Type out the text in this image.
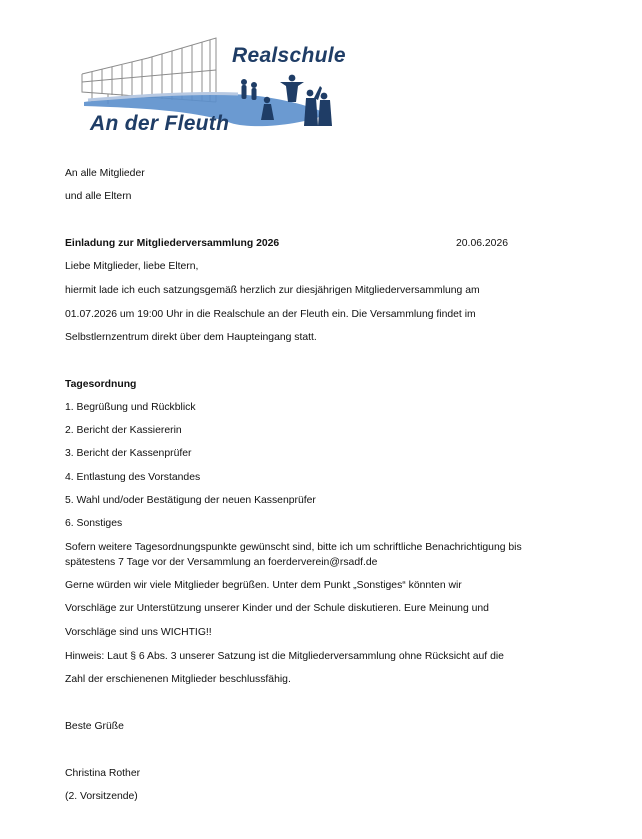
Realschule
An der Fleuth
An alle Mitglieder
und alle Eltern
Einladung zur Mitgliederversammlung 2026	20.06.2026
Liebe Mitglieder, liebe Eltern,
hiermit lade ich euch satzungsgemäß herzlich zur diesjährigen Mitgliederversammlung am
01.07.2026 um 19:00 Uhr in die Realschule an der Fleuth ein. Die Versammlung findet im
Selbstlernzentrum direkt über dem Haupteingang statt.
Tagesordnung
1. Begrüßung und Rückblick
2. Bericht der Kassiererin
3. Bericht der Kassenprüfer
4. Entlastung des Vorstandes
5. Wahl und/oder Bestätigung der neuen Kassenprüfer
6. Sonstiges
Sofern weitere Tagesordnungspunkte gewünscht sind, bitte ich um schriftliche Benachrichtigung bis
spätestens 7 Tage vor der Versammlung an foerderverein@rsadf.de
Gerne würden wir viele Mitglieder begrüßen. Unter dem Punkt „Sonstiges“ könnten wir
Vorschläge zur Unterstützung unserer Kinder und der Schule diskutieren. Eure Meinung und
Vorschläge sind uns WICHTIG!!
Hinweis: Laut § 6 Abs. 3 unserer Satzung ist die Mitgliederversammlung ohne Rücksicht auf die
Zahl der erschienenen Mitglieder beschlussfähig.
Beste Grüße
Christina Rother
(2. Vorsitzende)
